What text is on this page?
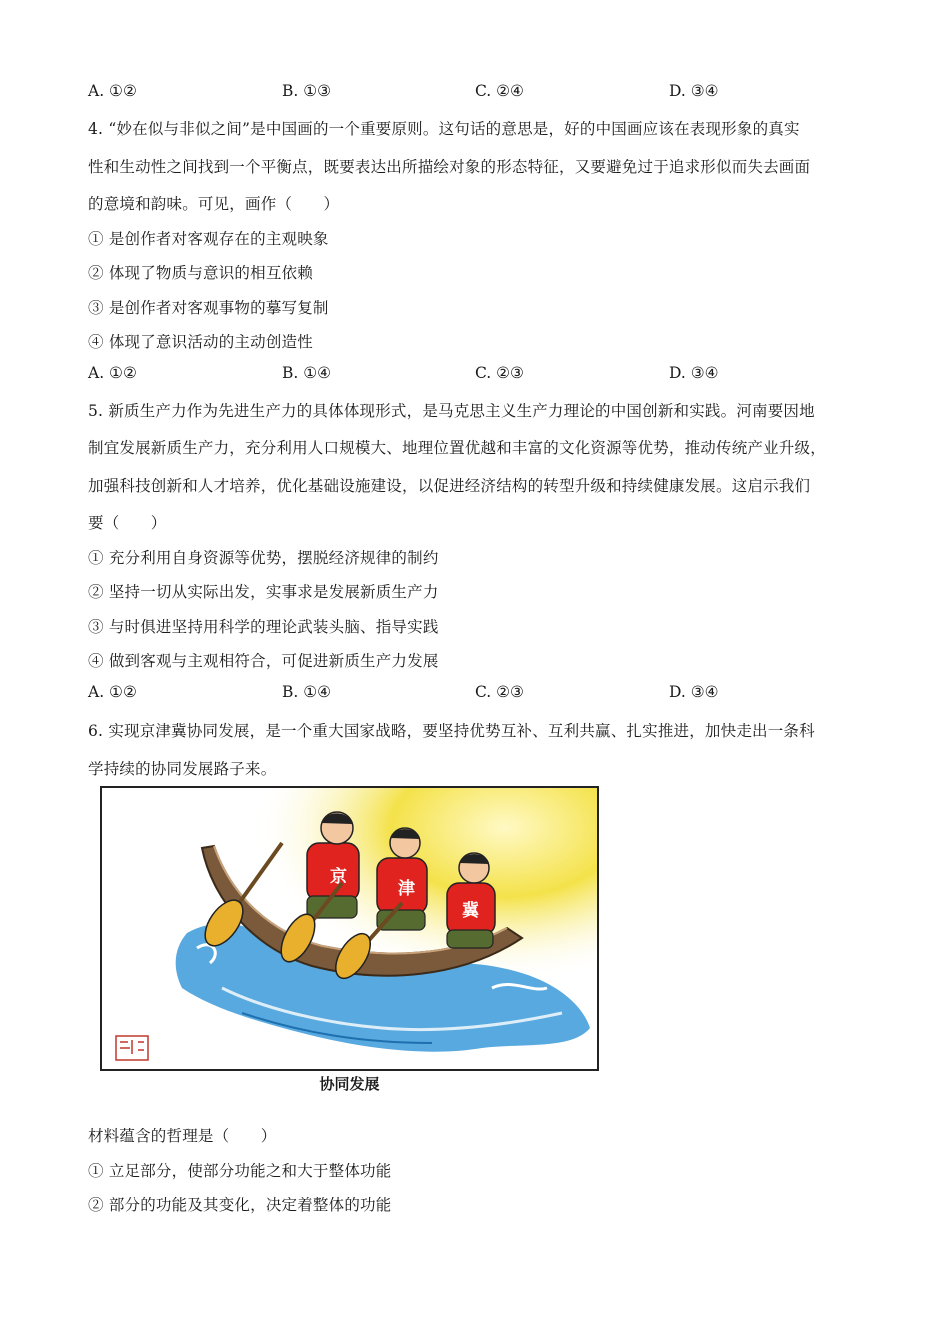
A. ①②	B. ①③	C. ②④	D. ③④
4. “妙在似与非似之间”是中国画的一个重要原则。这句话的意思是，好的中国画应该在表现形象的真实
性和生动性之间找到一个平衡点，既要表达出所描绘对象的形态特征，又要避免过于追求形似而失去画面
的意境和韵味。可见，画作（　　）
① 是创作者对客观存在的主观映象
② 体现了物质与意识的相互依赖
③ 是创作者对客观事物的摹写复制
④ 体现了意识活动的主动创造性
A. ①②	B. ①④	C. ②③	D. ③④
5. 新质生产力作为先进生产力的具体体现形式，是马克思主义生产力理论的中国创新和实践。河南要因地
制宜发展新质生产力，充分利用人口规模大、地理位置优越和丰富的文化资源等优势，推动传统产业升级，
加强科技创新和人才培养，优化基础设施建设，以促进经济结构的转型升级和持续健康发展。这启示我们
要（　　）
① 充分利用自身资源等优势，摆脱经济规律的制约
② 坚持一切从实际出发，实事求是发展新质生产力
③ 与时俱进坚持用科学的理论武装头脑、指导实践
④ 做到客观与主观相符合，可促进新质生产力发展
A. ①②	B. ①④	C. ②③	D. ③④
6. 实现京津冀协同发展，是一个重大国家战略，要坚持优势互补、互利共赢、扎实推进，加快走出一条科
学持续的协同发展路子来。
京
津
冀
协同发展
材料蕴含的哲理是（　　）
① 立足部分，使部分功能之和大于整体功能
② 部分的功能及其变化，决定着整体的功能
